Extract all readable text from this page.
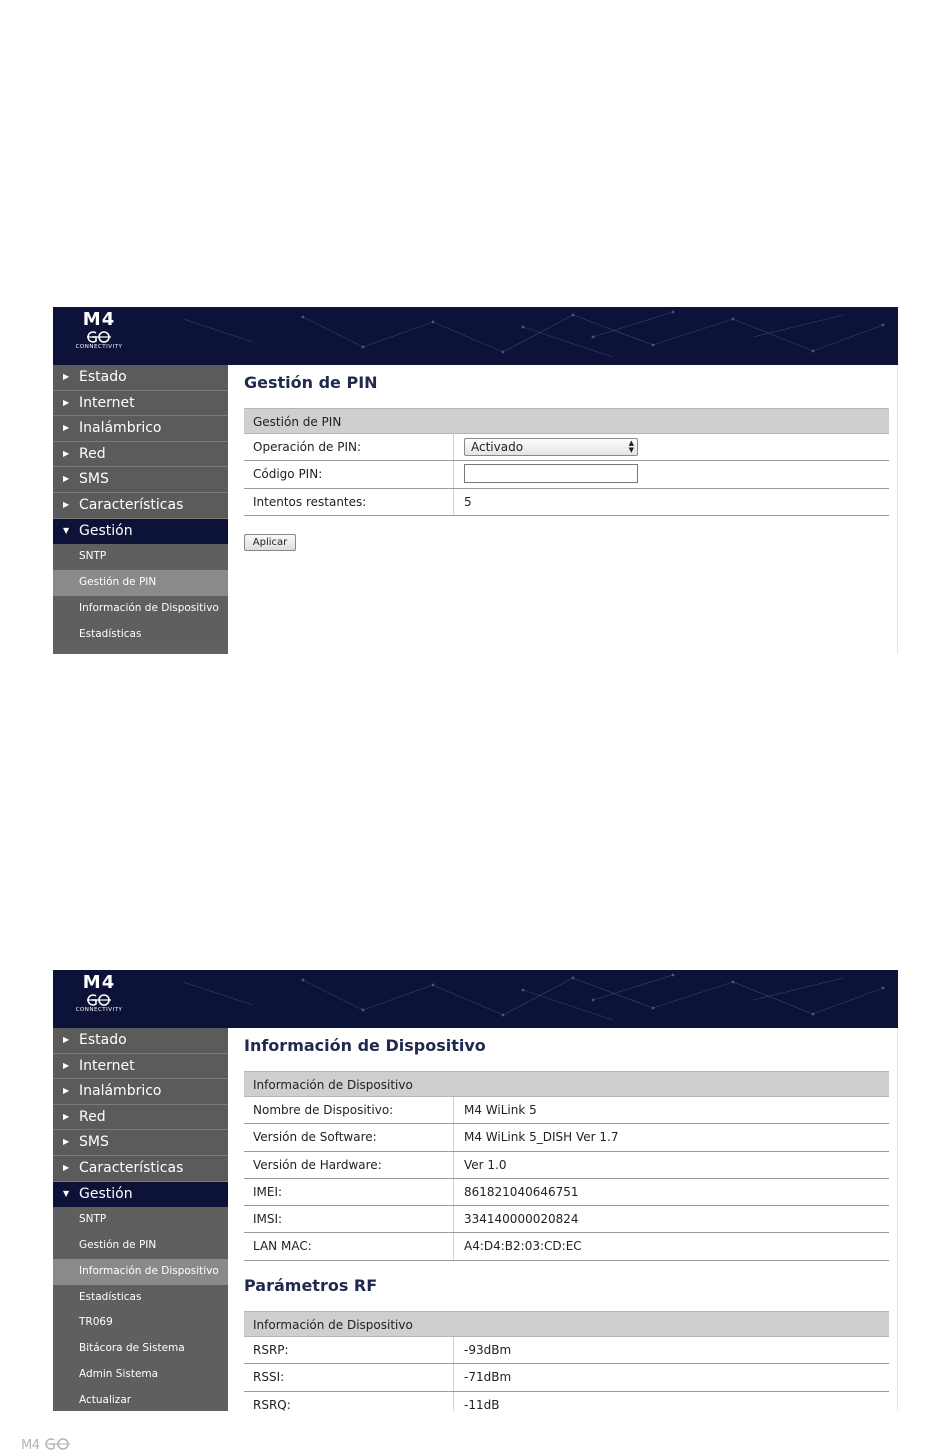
M4
CONNECTIVITY
▶ Estado
▶ Internet
▶ Inalámbrico
▶ Red
▶ SMS
▶ Características
▼ Gestión
SNTP
Gestión de PIN
Información de Dispositivo
Estadísticas
Gestión de PIN
Gestión de PIN
Operación de PIN:	Activado	▲
▼
Código PIN:
Intentos restantes:	5
Aplicar
M4
CONNECTIVITY
▶ Estado
▶ Internet
▶ Inalámbrico
▶ Red
▶ SMS
▶ Características
▼ Gestión
SNTP
Gestión de PIN
Información de Dispositivo
Estadísticas
TR069
Bitácora de Sistema
Admin Sistema
Actualizar
Información de Dispositivo
Información de Dispositivo
Nombre de Dispositivo:	M4 WiLink 5
Versión de Software:	M4 WiLink 5_DISH Ver 1.7
Versión de Hardware:	Ver 1.0
IMEI:	861821040646751
IMSI:	334140000020824
LAN MAC:	A4:D4:B2:03:CD:EC
Parámetros RF
Información de Dispositivo
RSRP:	-93dBm
RSSI:	-71dBm
RSRQ:	-11dB
M4
